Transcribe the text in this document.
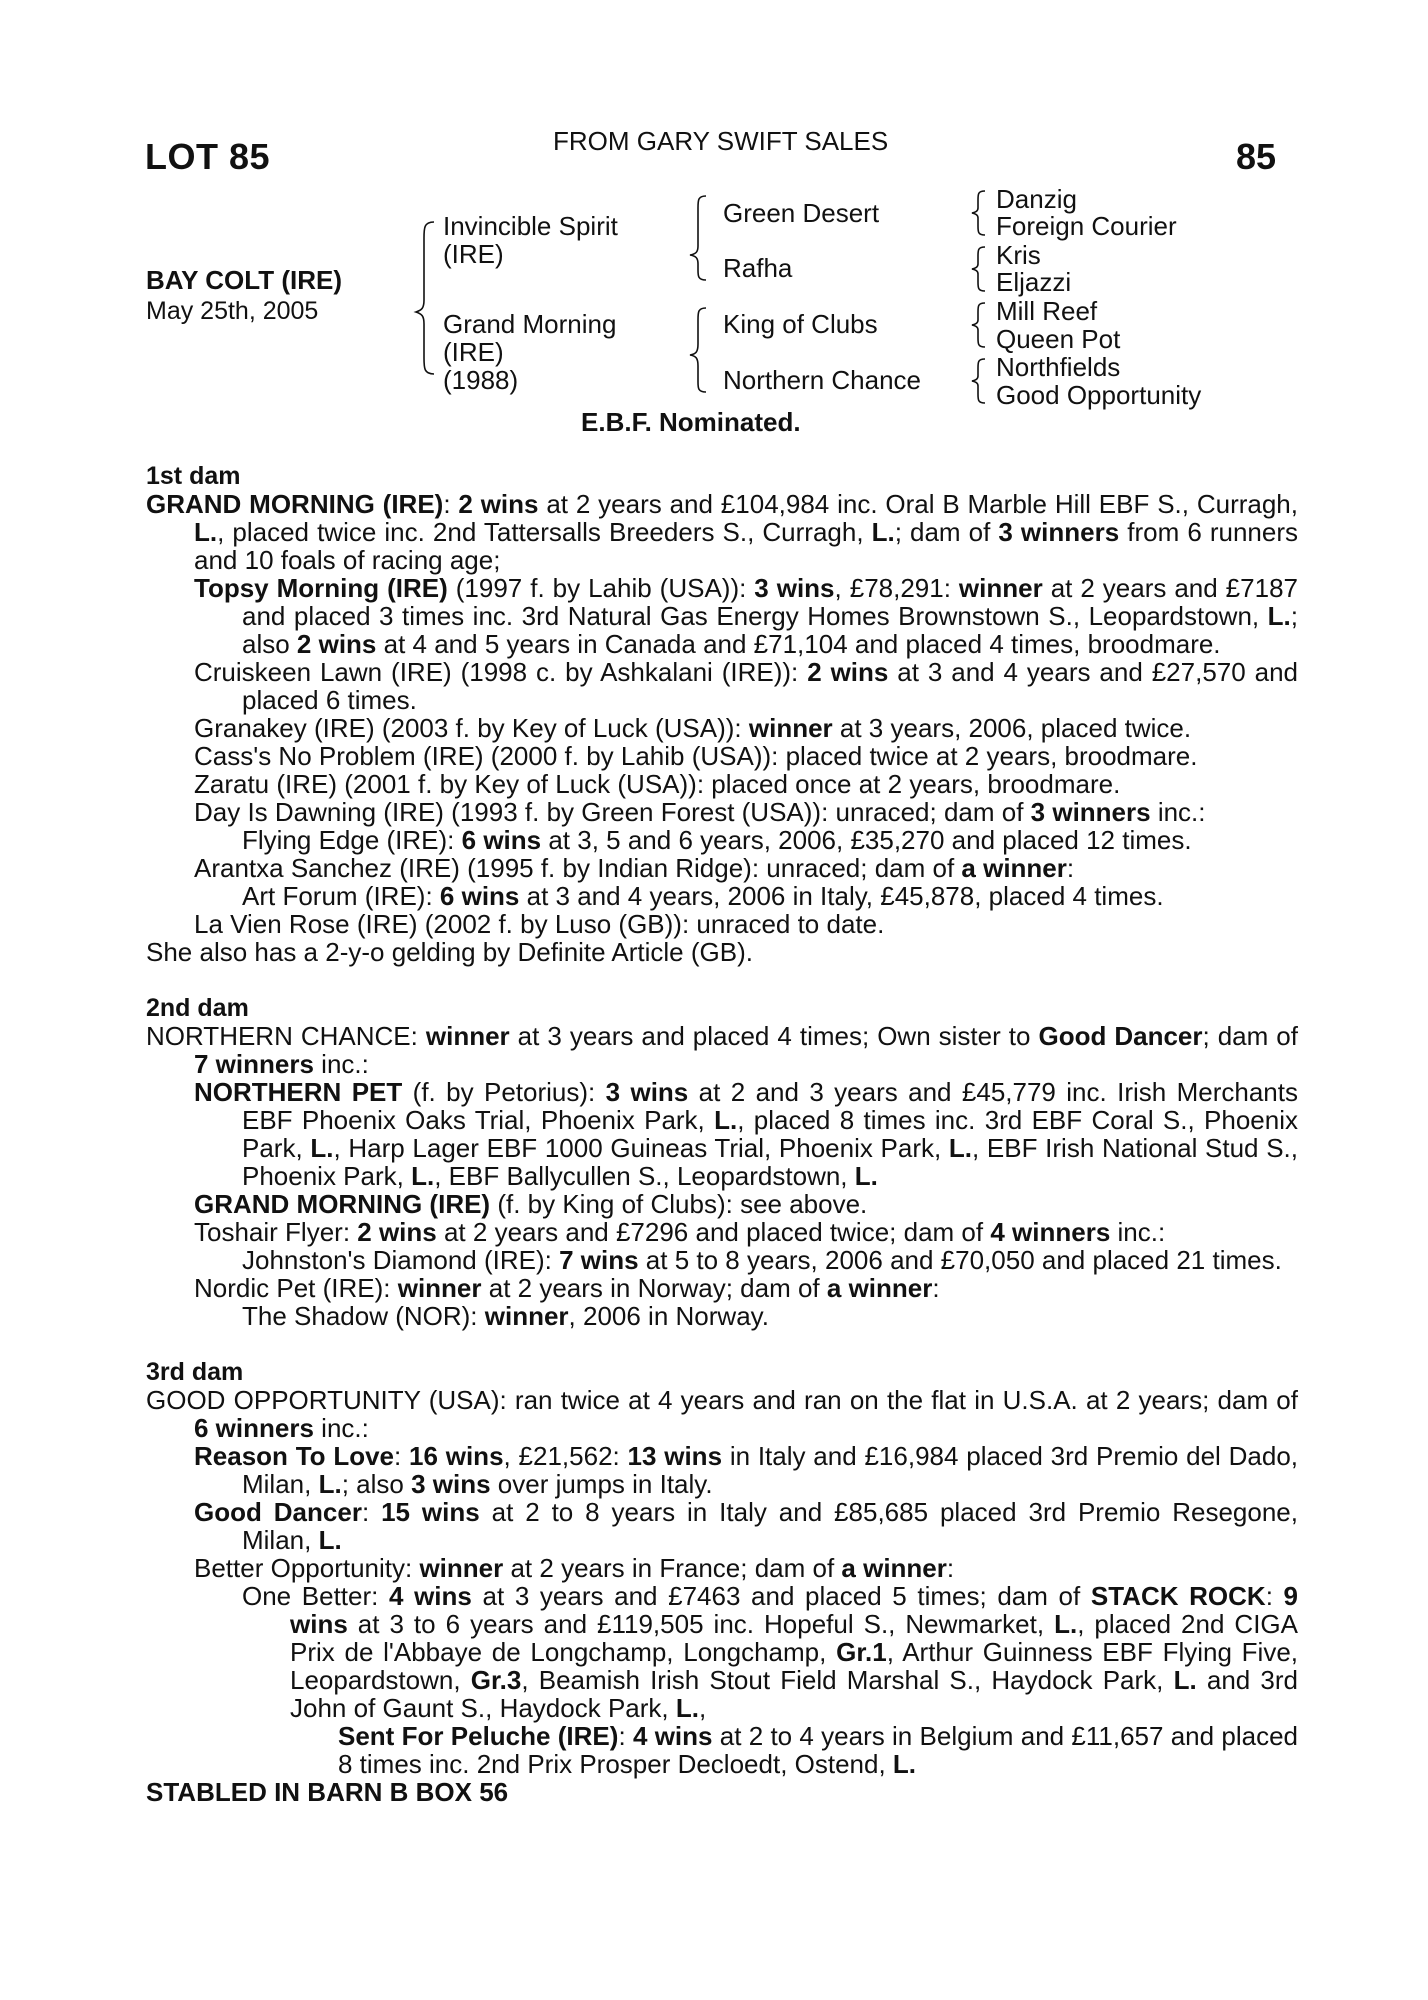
LOT 85	FROM GARY SWIFT SALES	85
BAY COLT (IRE)
May 25th, 2005
Invincible Spirit
(IRE)
Grand Morning
(IRE)
(1988)
Green Desert
Rafha
King of Clubs
Northern Chance
Danzig
Foreign Courier
Kris
Eljazzi
Mill Reef
Queen Pot
Northfields
Good Opportunity
E.B.F. Nominated.

1st dam

GRAND MORNING (IRE): 2 wins at 2 years and £104,984 inc. Oral B Marble Hill EBF S., Curragh, L., placed twice inc. 2nd Tattersalls Breeders S., Curragh, L.; dam of 3 winners from 6 runners and 10 foals of racing age;

Topsy Morning (IRE) (1997 f. by Lahib (USA)): 3 wins, £78,291: winner at 2 years and £7187 and placed 3 times inc. 3rd Natural Gas Energy Homes Brownstown S., Leopardstown, L.; also 2 wins at 4 and 5 years in Canada and £71,104 and placed 4 times, broodmare.

Cruiskeen Lawn (IRE) (1998 c. by Ashkalani (IRE)): 2 wins at 3 and 4 years and £27,570 and placed 6 times.

Granakey (IRE) (2003 f. by Key of Luck (USA)): winner at 3 years, 2006, placed twice.

Cass's No Problem (IRE) (2000 f. by Lahib (USA)): placed twice at 2 years, broodmare.

Zaratu (IRE) (2001 f. by Key of Luck (USA)): placed once at 2 years, broodmare.

Day Is Dawning (IRE) (1993 f. by Green Forest (USA)): unraced; dam of 3 winners inc.:

Flying Edge (IRE): 6 wins at 3, 5 and 6 years, 2006, £35,270 and placed 12 times.

Arantxa Sanchez (IRE) (1995 f. by Indian Ridge): unraced; dam of a winner:

Art Forum (IRE): 6 wins at 3 and 4 years, 2006 in Italy, £45,878, placed 4 times.

La Vien Rose (IRE) (2002 f. by Luso (GB)): unraced to date.

She also has a 2-y-o gelding by Definite Article (GB).

2nd dam

NORTHERN CHANCE: winner at 3 years and placed 4 times; Own sister to Good Dancer; dam of 7 winners inc.:

NORTHERN PET (f. by Petorius): 3 wins at 2 and 3 years and £45,779 inc. Irish Merchants EBF Phoenix Oaks Trial, Phoenix Park, L., placed 8 times inc. 3rd EBF Coral S., Phoenix Park, L., Harp Lager EBF 1000 Guineas Trial, Phoenix Park, L., EBF Irish National Stud S., Phoenix Park, L., EBF Ballycullen S., Leopardstown, L.

GRAND MORNING (IRE) (f. by King of Clubs): see above.

Toshair Flyer: 2 wins at 2 years and £7296 and placed twice; dam of 4 winners inc.:

Johnston's Diamond (IRE): 7 wins at 5 to 8 years, 2006 and £70,050 and placed 21 times.

Nordic Pet (IRE): winner at 2 years in Norway; dam of a winner:

The Shadow (NOR): winner, 2006 in Norway.

3rd dam

GOOD OPPORTUNITY (USA): ran twice at 4 years and ran on the flat in U.S.A. at 2 years; dam of 6 winners inc.:

Reason To Love: 16 wins, £21,562: 13 wins in Italy and £16,984 placed 3rd Premio del Dado, Milan, L.; also 3 wins over jumps in Italy.

Good Dancer: 15 wins at 2 to 8 years in Italy and £85,685 placed 3rd Premio Resegone, Milan, L.

Better Opportunity: winner at 2 years in France; dam of a winner:

One Better: 4 wins at 3 years and £7463 and placed 5 times; dam of STACK ROCK: 9 wins at 3 to 6 years and £119,505 inc. Hopeful S., Newmarket, L., placed 2nd CIGA Prix de l'Abbaye de Longchamp, Longchamp, Gr.1, Arthur Guinness EBF Flying Five, Leopardstown, Gr.3, Beamish Irish Stout Field Marshal S., Haydock Park, L. and 3rd John of Gaunt S., Haydock Park, L.,

Sent For Peluche (IRE): 4 wins at 2 to 4 years in Belgium and £11,657 and placed 8 times inc. 2nd Prix Prosper Decloedt, Ostend, L.

STABLED IN BARN B BOX 56
